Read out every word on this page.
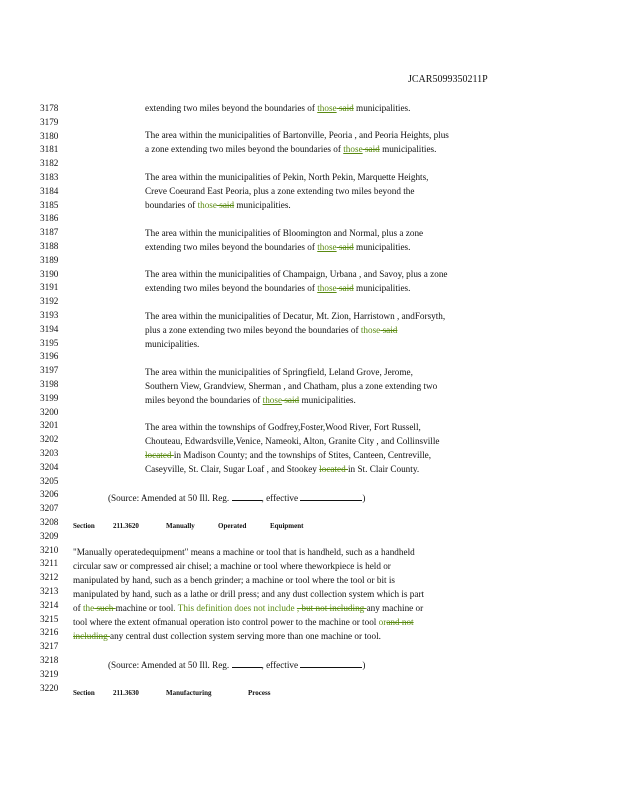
JCAR5099350211P
3178
3179
3180
3181
3182
3183
3184
3185
3186
3187
3188
3189
3190
3191
3192
3193
3194
3195
3196
3197
3198
3199
3200
3201
3202
3203
3204
3205
3206
3207
3208
3209
3210
3211
3212
3213
3214
3215
3216
3217
3218
3219
3220
extending two miles beyond the boundaries of those said municipalities.
The area within the municipalities of Bartonville, Peoria , and Peoria Heights, plus
a zone extending two miles beyond the boundaries of those said municipalities.
The area within the municipalities of Pekin, North Pekin, Marquette Heights,
Creve Coeurand East Peoria, plus a zone extending two miles beyond the
boundaries of those said municipalities.
The area within the municipalities of Bloomington and Normal, plus a zone
extending two miles beyond the boundaries of those said municipalities.
The area within the municipalities of Champaign, Urbana , and Savoy, plus a zone
extending two miles beyond the boundaries of those said municipalities.
The area within the municipalities of Decatur, Mt. Zion, Harristown , andForsyth,
plus a zone extending two miles beyond the boundaries of those said
municipalities.
The area within the municipalities of Springfield, Leland Grove, Jerome,
Southern View, Grandview, Sherman , and Chatham, plus a zone extending two
miles beyond the boundaries of those said municipalities.
The area within the townships of Godfrey,Foster,Wood River, Fort Russell,
Chouteau, Edwardsville,Venice, Nameoki, Alton, Granite City , and Collinsville
located in Madison County; and the townships of Stites, Canteen, Centreville,
Caseyville, St. Clair, Sugar Loaf , and Stookey located in St. Clair County.
(Source: Amended at 50 Ill. Reg.	, effective	)
Section	211.3620	Manually	Operated	Equipment
"Manually operatedequipment" means a machine or tool that is handheld, such as a handheld
circular saw or compressed air chisel; a machine or tool where theworkpiece is held or
manipulated by hand, such as a bench grinder; a machine or tool where the tool or bit is
manipulated by hand, such as a lathe or drill press; and any dust collection system which is part
of the such machine or tool. This definition does not include , but not including any machine or
tool where the extent ofmanual operation isto control power to the machine or tool orand not
including any central dust collection system serving more than one machine or tool.
(Source: Amended at 50 Ill. Reg.	, effective	)
Section	211.3630	Manufacturing	Process
